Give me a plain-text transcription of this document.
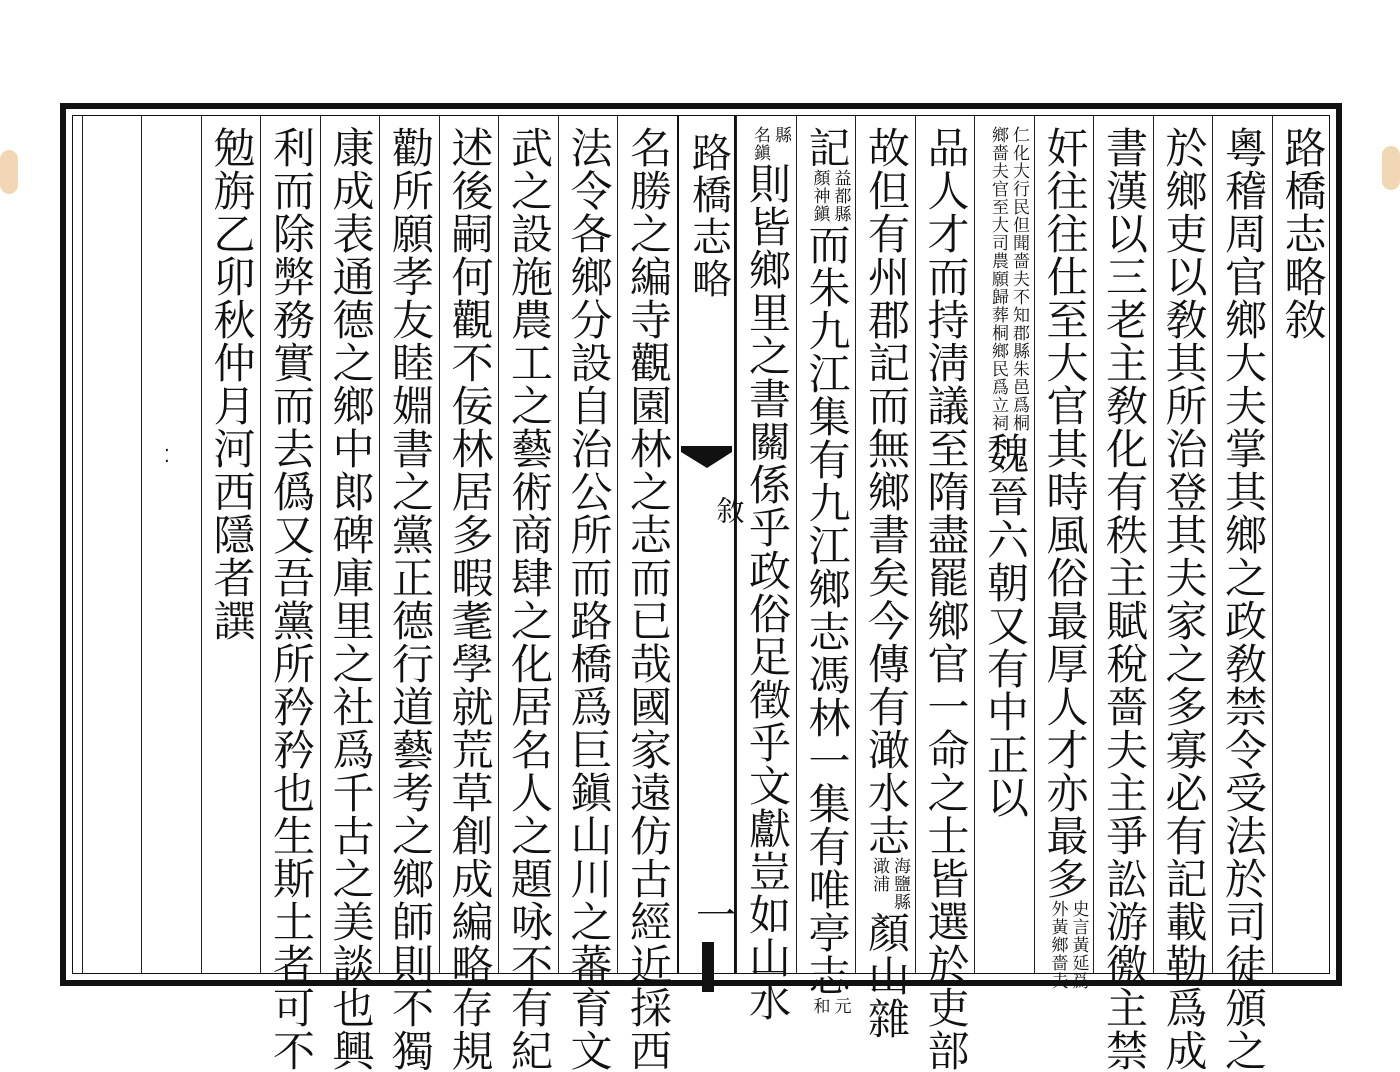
路橋志略敘
粵稽周官鄉大夫掌其鄉之政敎禁令受法於司徒頒之
於鄉吏以敎其所治登其夫家之多寡必有記載勒爲成
書漢以三老主敎化有秩主賦稅嗇夫主爭訟游徼主禁
奸往往仕至大官其時風俗最厚人才亦最多
史言黃延爲
外黃鄉嗇夫
仁化大行民但聞嗇夫不知郡縣朱邑爲桐
鄉嗇夫官至大司農願歸葬桐鄉民爲立祠
魏晉六朝又有中正以
品人才而持淸議至隋盡罷鄉官一命之士皆選於吏部
故但有州郡記而無鄉書矣今傳有澉水志
海鹽縣
澉浦
顏山雜
記
益都縣
顏神鎭
而朱九江集有九江鄉志馮林一集有唯亭志
元
和
縣
名鎭
則皆鄉里之書關係乎政俗足徵乎文獻豈如山水
路橋志略
敘
一
名勝之編寺觀園林之志而已哉國家遠仿古經近採西
法令各鄉分設自治公所而路橋爲巨鎭山川之蕃育文
武之設施農工之藝術商肆之化居名人之題咏不有紀
述後嗣何觀不佞林居多暇耄學就荒草創成編略存規
勸所願孝友睦婣書之黨正德行道藝考之鄉師則不獨
康成表通德之鄉中郞碑庫里之社爲千古之美談也興
利而除弊務實而去僞又吾黨所矜矜也生斯土者可不
勉旃乙卯秋仲月河西隱者譔
⁚
